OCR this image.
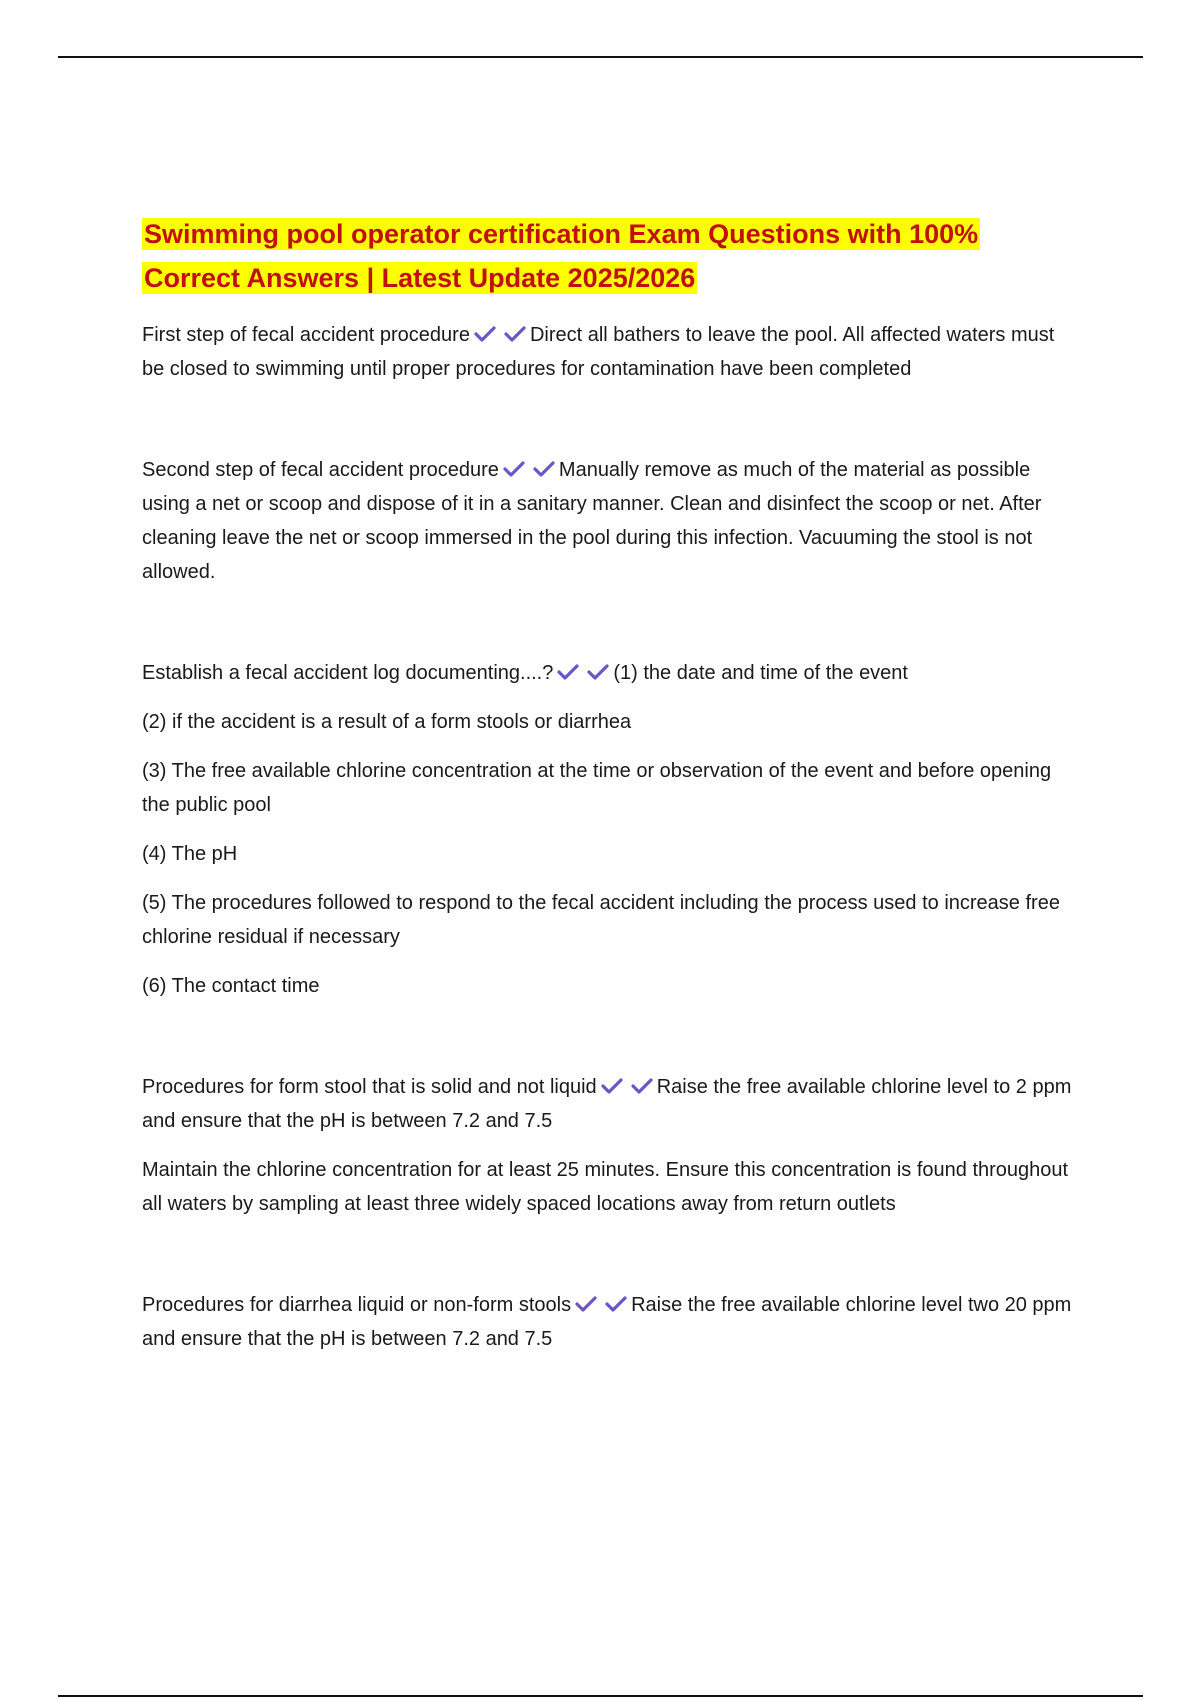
Swimming pool operator certification Exam Questions with 100%
Correct Answers | Latest Update 2025/2026

First step of fecal accident procedure	Direct all bathers to leave the pool. All affected waters must be closed to swimming until proper procedures for contamination have been completed

Second step of fecal accident procedure	Manually remove as much of the material as possible using a net or scoop and dispose of it in a sanitary manner. Clean and disinfect the scoop or net. After cleaning leave the net or scoop immersed in the pool during this infection. Vacuuming the stool is not allowed.

Establish a fecal accident log documenting....?	(1) the date and time of the event

(2) if the accident is a result of a form stools or diarrhea

(3) The free available chlorine concentration at the time or observation of the event and before opening the public pool

(4) The pH

(5) The procedures followed to respond to the fecal accident including the process used to increase free chlorine residual if necessary

(6) The contact time

Procedures for form stool that is solid and not liquid	Raise the free available chlorine level to 2 ppm and ensure that the pH is between 7.2 and 7.5

Maintain the chlorine concentration for at least 25 minutes. Ensure this concentration is found throughout all waters by sampling at least three widely spaced locations away from return outlets

Procedures for diarrhea liquid or non-form stools	Raise the free available chlorine level two 20 ppm and ensure that the pH is between 7.2 and 7.5
